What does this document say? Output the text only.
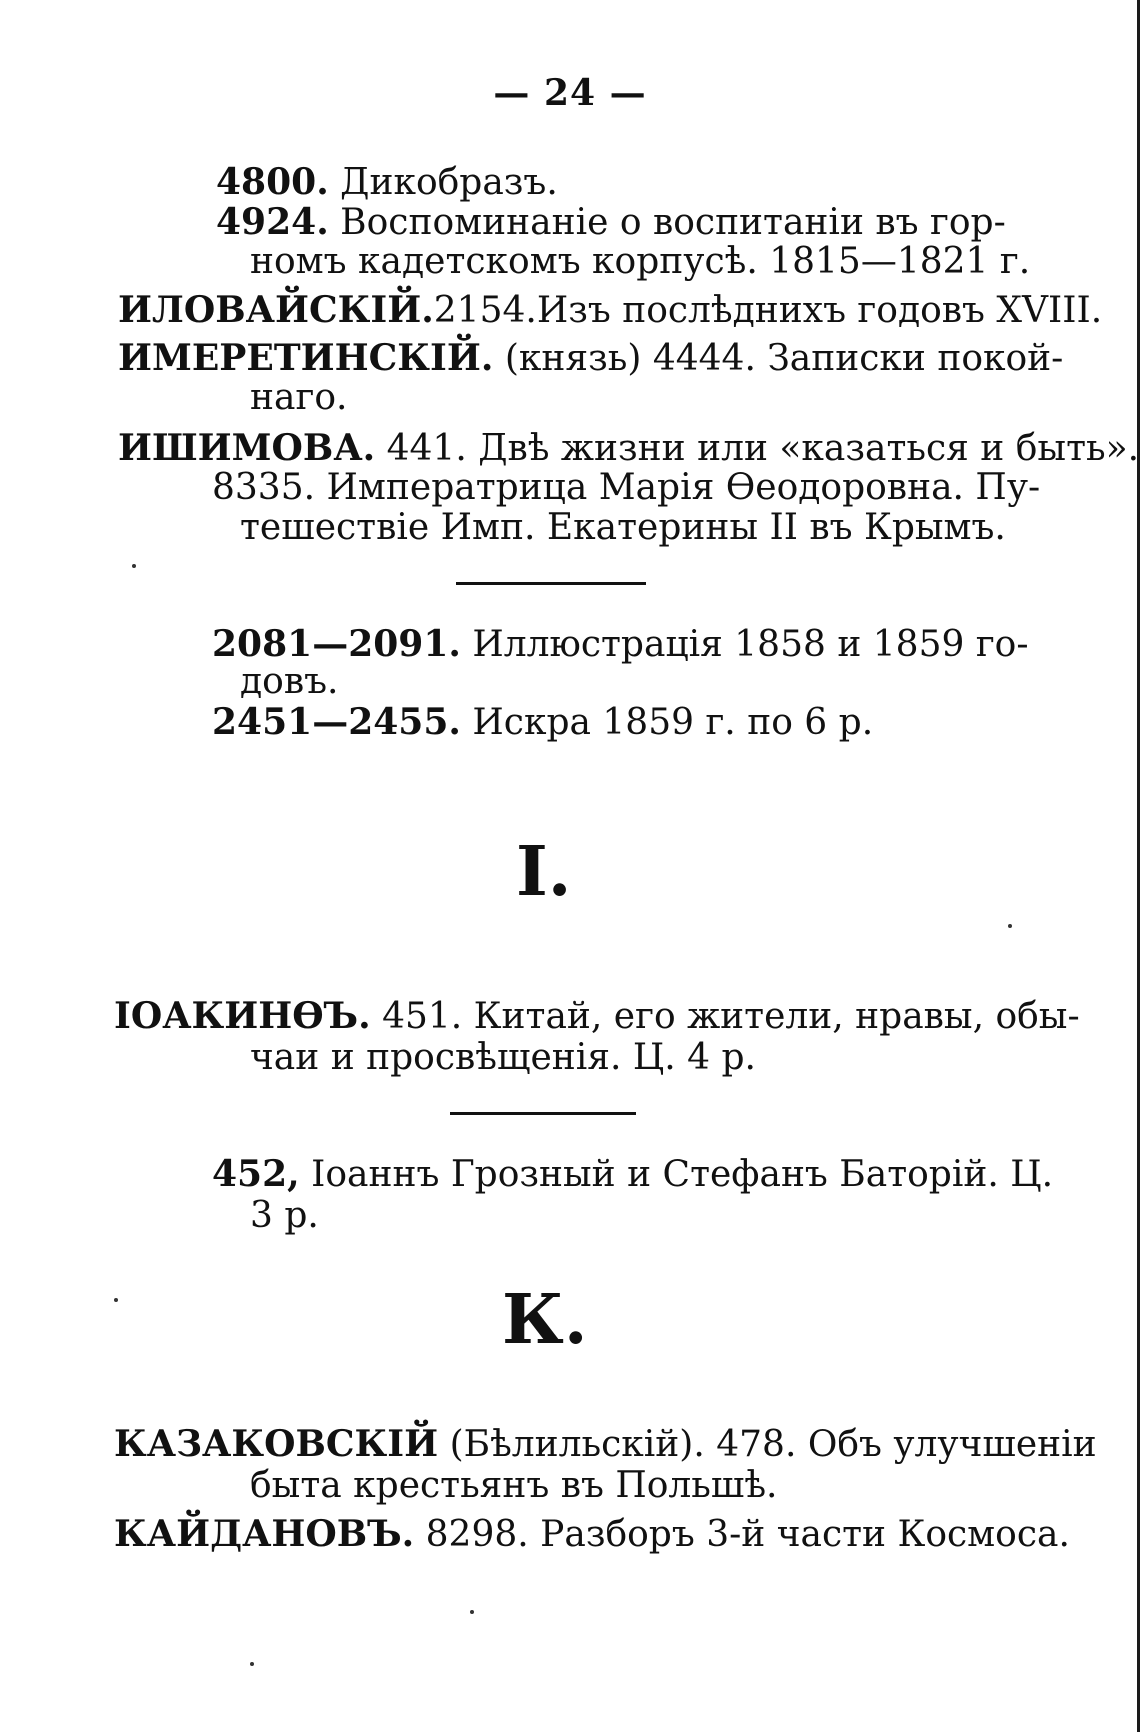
— 24 —
4800. Дикобразъ.
4924. Воспоминаніе о воспитаніи въ гор-
номъ кадетскомъ корпусѣ. 1815—1821 г.
ИЛОВАЙСКІЙ.2154.Изъ послѣднихъ годовъ XVIII.
ИМЕРЕТИНСКІЙ. (князь) 4444. Записки покой-
наго.
ИШИМОВА. 441. Двѣ жизни или «казаться и быть».
8335. Императрица Марія Ѳеодоровна. Пу-
тешествіе Имп. Екатерины II въ Крымъ.
2081—2091. Иллюстрація 1858 и 1859 го-
довъ.
2451—2455. Искра 1859 г. по 6 р.
I.
ІОАКИНѲЪ. 451. Китай, его жители, нравы, обы-
чаи и просвѣщенія. Ц. 4 р.
452, Іоаннъ Грозный и Стефанъ Баторій. Ц.
3 р.
К.
КАЗАКОВСКІЙ (Бѣлильскій). 478. Объ улучшеніи
быта крестьянъ въ Польшѣ.
КАЙДАНОВЪ. 8298. Разборъ 3-й части Космоса.
